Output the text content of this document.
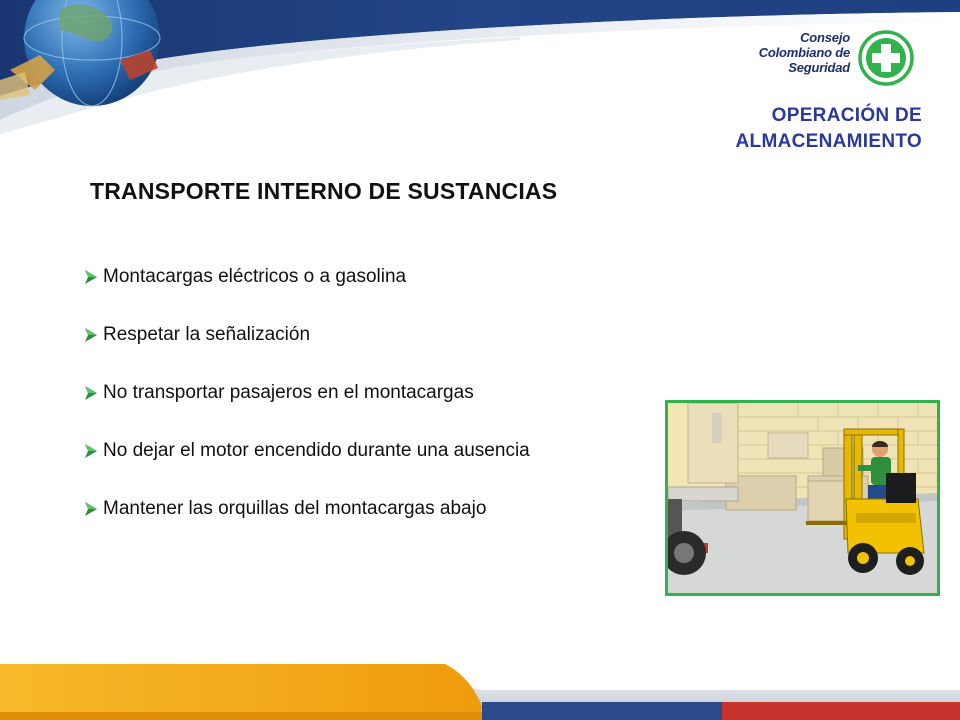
Consejo
Colombiano de
Seguridad
OPERACIÓN DE
ALMACENAMIENTO
TRANSPORTE INTERNO DE SUSTANCIAS
Montacargas eléctricos o a gasolina
Respetar la señalización
No transportar pasajeros en el montacargas
No dejar el motor encendido durante una ausencia
Mantener las orquillas del montacargas abajo
